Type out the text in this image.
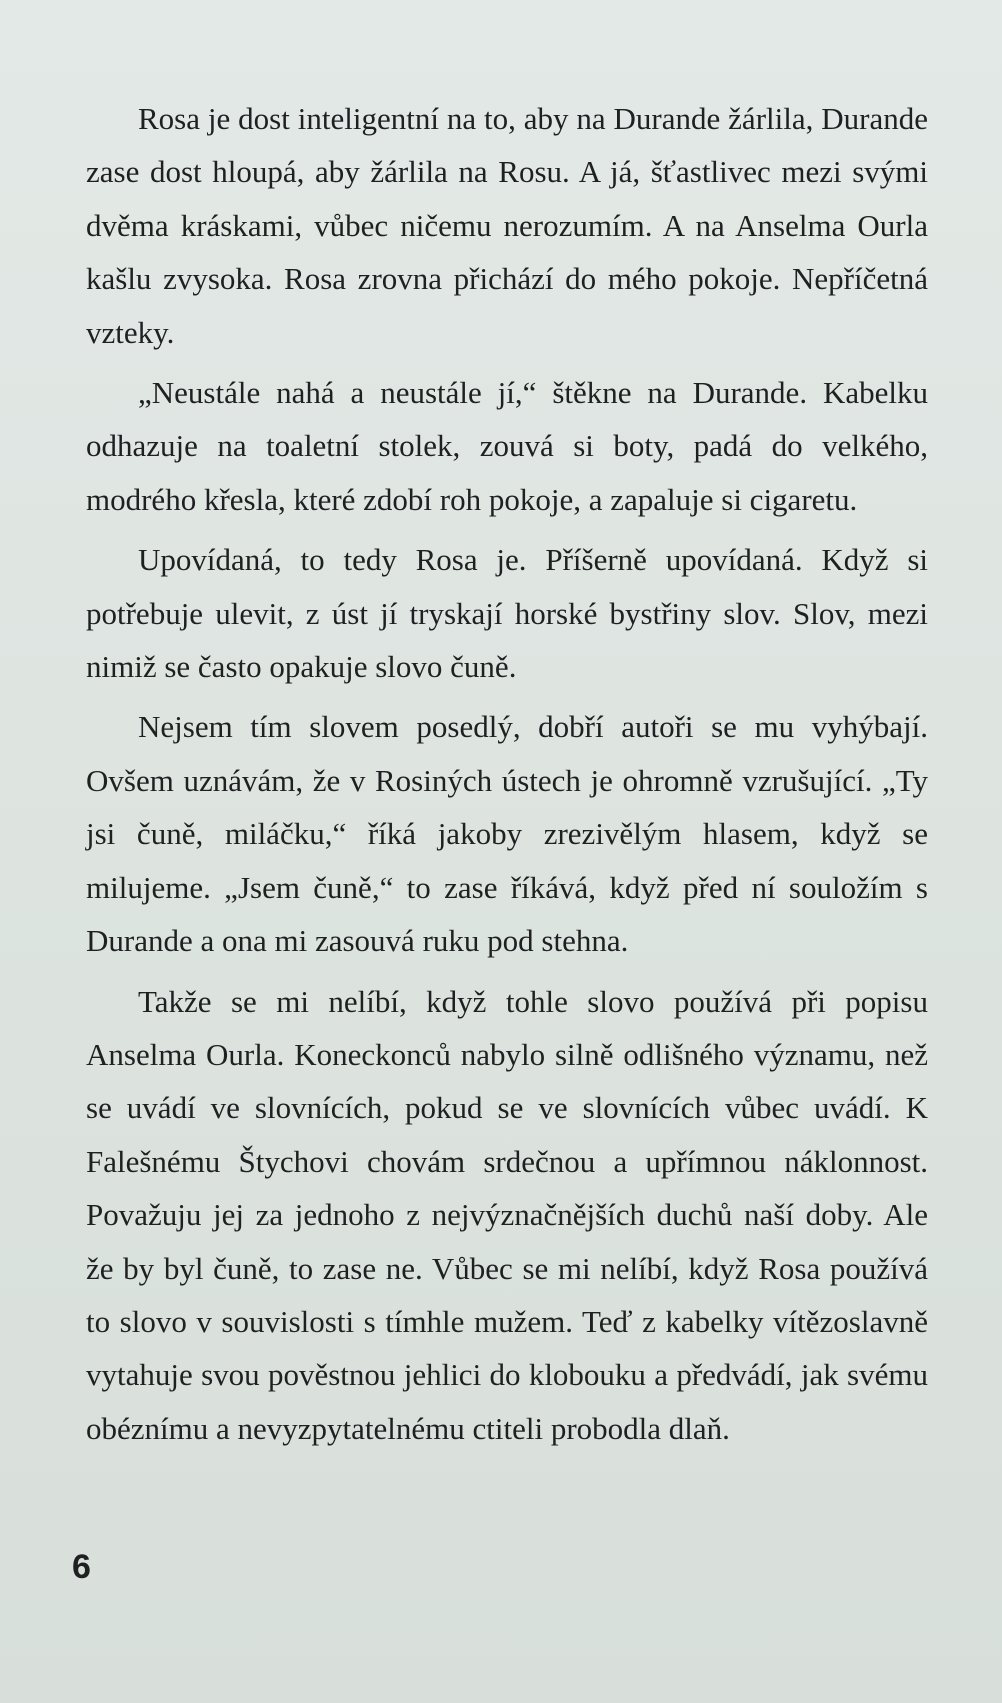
Rosa je dost inteligentní na to, aby na Durande žárlila, Durande zase dost hloupá, aby žárlila na Rosu. A já, šťastlivec mezi svými dvěma kráskami, vůbec ničemu nerozumím. A na Anselma Ourla kašlu zvysoka. Rosa zrovna přichází do mého pokoje. Nepříčetná vzteky.

„Neustále nahá a neustále jí,“ štěkne na Durande. Kabelku odhazuje na toaletní stolek, zouvá si boty, padá do velkého, modrého křesla, které zdobí roh pokoje, a zapaluje si cigaretu.

Upovídaná, to tedy Rosa je. Příšerně upovídaná. Když si potřebuje ulevit, z úst jí tryskají horské bystřiny slov. Slov, mezi nimiž se často opakuje slovo čuně.

Nejsem tím slovem posedlý, dobří autoři se mu vyhýbají. Ovšem uznávám, že v Rosiných ústech je ohromně vzrušující. „Ty jsi čuně, miláčku,“ říká jakoby zrezivělým hlasem, když se milujeme. „Jsem čuně,“ to zase říkává, když před ní souložím s Durande a ona mi zasouvá ruku pod stehna.

Takže se mi nelíbí, když tohle slovo používá při popisu Anselma Ourla. Koneckonců nabylo silně odlišného významu, než se uvádí ve slovnících, pokud se ve slovnících vůbec uvádí. K Falešnému Štychovi chovám srdečnou a upřímnou náklonnost. Považuju jej za jednoho z nejvýznačnějších duchů naší doby. Ale že by byl čuně, to zase ne. Vůbec se mi nelíbí, když Rosa používá to slovo v souvislosti s tímhle mužem. Teď z kabelky vítězoslavně vytahuje svou pověstnou jehlici do klobouku a předvádí, jak svému obéznímu a nevyzpytatelnému ctiteli probodla dlaň.

6
